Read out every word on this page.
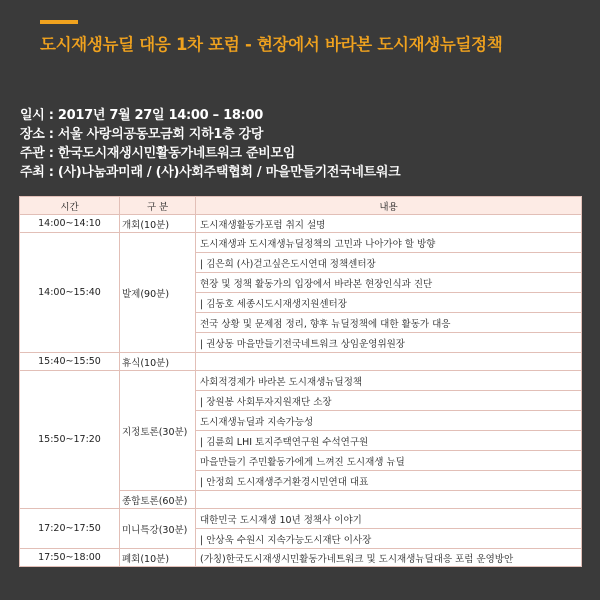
도시재생뉴딜 대응 1차 포럼 - 현장에서 바라본 도시재생뉴딜정책
일시 : 2017년 7월 27일 14:00 – 18:00
장소 : 서울 사랑의공동모금회 지하1층 강당
주관 : 한국도시재생시민활동가네트워크 준비모임
주최 : (사)나눔과미래 / (사)사회주택협회 / 마을만들기전국네트워크
시간	구 분	내용
14:00~14:10	개회(10분)	도시재생활동가포럼 취지 설명
14:00~15:40	발제(90분)	도시재생과 도시재생뉴딜정책의 고민과 나아가야 할 방향
		| 김은희 (사)걷고싶은도시연대 정책센터장
		현장 및 정책 활동가의 입장에서 바라본 현장인식과 진단
		| 김동호 세종시도시재생지원센터장
		전국 상황 및 문제점 정리, 향후 뉴딜정책에 대한 활동가 대응
		| 권상동 마을만들기전국네트워크 상임운영위원장
15:40~15:50	휴식(10분)	
15:50~17:20	지정토론(30분)	사회적경제가 바라본 도시재생뉴딜정책
		| 장원봉 사회투자지원재단 소장
		도시재생뉴딜과 지속가능성
		| 김륜희 LHI 토지주택연구원 수석연구원
		마을만들기 주민활동가에게 느껴진 도시재생 뉴딜
		| 안정희 도시재생주거환경시민연대 대표
	종합토론(60분)	
17:20~17:50	미니특강(30분)	대한민국 도시재생 10년 정책사 이야기
		| 안상욱 수원시 지속가능도시재단 이사장
17:50~18:00	폐회(10분)	(가칭)한국도시재생시민활동가네트워크 및 도시재생뉴딜대응 포럼 운영방안
